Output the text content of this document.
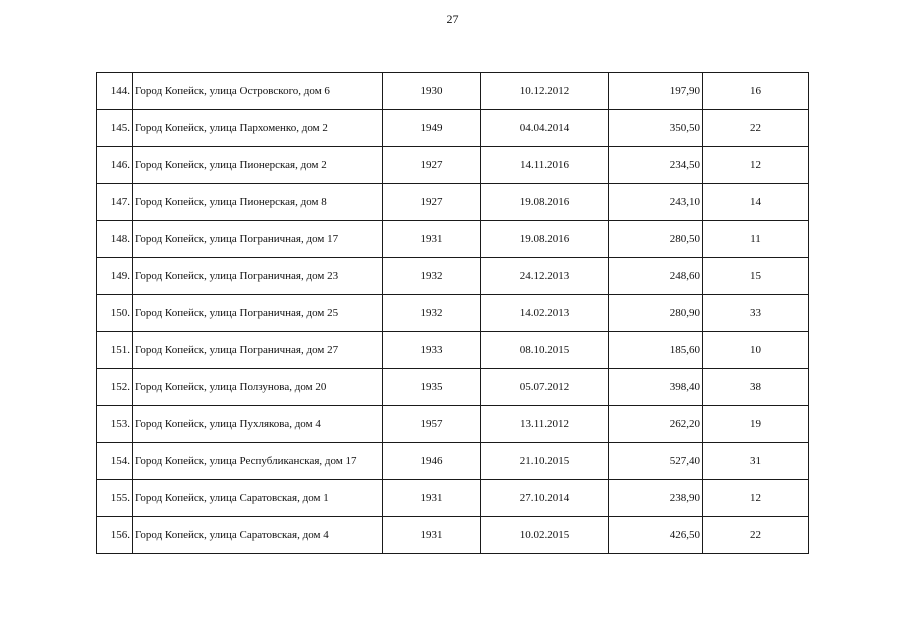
27
144.	Город Копейск, улица Островского, дом 6	1930	10.12.2012	197,90	16
145.	Город Копейск, улица Пархоменко, дом 2	1949	04.04.2014	350,50	22
146.	Город Копейск, улица Пионерская, дом 2	1927	14.11.2016	234,50	12
147.	Город Копейск, улица Пионерская, дом 8	1927	19.08.2016	243,10	14
148.	Город Копейск, улица Пограничная, дом 17	1931	19.08.2016	280,50	11
149.	Город Копейск, улица Пограничная, дом 23	1932	24.12.2013	248,60	15
150.	Город Копейск, улица Пограничная, дом 25	1932	14.02.2013	280,90	33
151.	Город Копейск, улица Пограничная, дом 27	1933	08.10.2015	185,60	10
152.	Город Копейск, улица Ползунова, дом 20	1935	05.07.2012	398,40	38
153.	Город Копейск, улица Пухлякова, дом 4	1957	13.11.2012	262,20	19
154.	Город Копейск, улица Республиканская, дом 17	1946	21.10.2015	527,40	31
155.	Город Копейск, улица Саратовская, дом 1	1931	27.10.2014	238,90	12
156.	Город Копейск, улица Саратовская, дом 4	1931	10.02.2015	426,50	22
